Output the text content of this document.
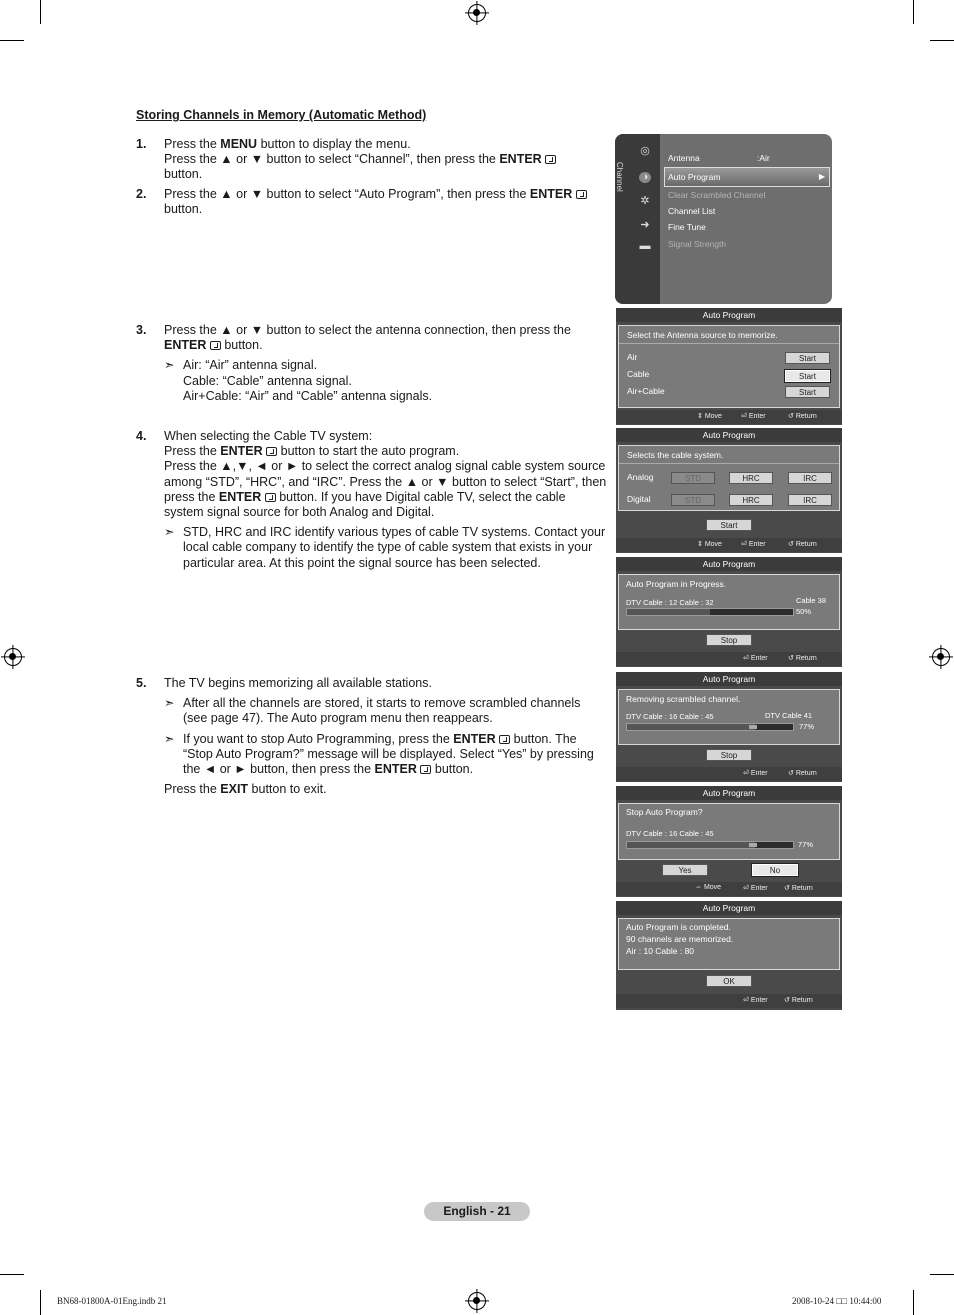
Storing Channels in Memory (Automatic Method)
1. Press the MENU button to display the menu.
Press the ▲ or ▼ button to select “Channel”, then press the ENTER
button.
2. Press the ▲ or ▼ button to select “Auto Program”, then press the ENTER
button.
3. Press the ▲ or ▼ button to select the antenna connection, then press the ENTER  button.
➣ Air: “Air” antenna signal.
Cable: “Cable” antenna signal.
Air+Cable: “Air” and “Cable” antenna signals.
4. When selecting the Cable TV system:
Press the ENTER  button to start the auto program.
Press the ▲,▼, ◄ or ► to select the correct analog signal cable system source among “STD”, “HRC”, and “IRC”. Press the ▲ or ▼ button to select “Start”, then press the ENTER  button. If you have Digital cable TV, select the cable system signal source for both Analog and Digital.
➣ STD, HRC and IRC identify various types of cable TV systems. Contact your local cable company to identify the type of cable system that exists in your particular area. At this point the signal source has been selected.
5. The TV begins memorizing all available stations.
➣ After all the channels are stored, it starts to remove scrambled channels (see page 47). The Auto program menu then reappears.
➣ If you want to stop Auto Programming, press the ENTER  button. The “Stop Auto Program?” message will be displayed. Select “Yes” by pressing the ◄ or ► button, then press the ENTER  button.
Press the EXIT button to exit.
Channel
◎
◑
✲
➜
▬
Antenna	:Air
Auto Program	▶
Clear Scrambled Channel
Channel List
Fine Tune
Signal Strength
Auto Program
Select the Antenna source to memorize.
Air
Cable
Air+Cable
Start
Start
Start
⇕ Move	⏎ Enter	↺ Return
Auto Program
Selects the cable system.
Analog
Digital
STD	HRC	IRC
STD	HRC	IRC
Start
⇕ Move	⏎ Enter	↺ Return
Auto Program
Auto Program in Progress.
DTV Cable : 12 Cable : 32	Cable 38
50%
Stop
⏎ Enter	↺ Return
Auto Program
Removing scrambled channel.
DTV Cable : 16 Cable : 45	DTV Cable 41
77%
Stop
⏎ Enter	↺ Return
Auto Program
Stop Auto Program?
DTV Cable : 16 Cable : 45
77%
Yes	No
⇔ Move	⏎ Enter ↺ Return
Auto Program
Auto Program is completed.
90 channels are memorized.
Air : 10 Cable : 80
OK
⏎ Enter ↺ Return
English - 21
BN68-01800A-01Eng.indb 21	2008-10-24 □□ 10:44:00
